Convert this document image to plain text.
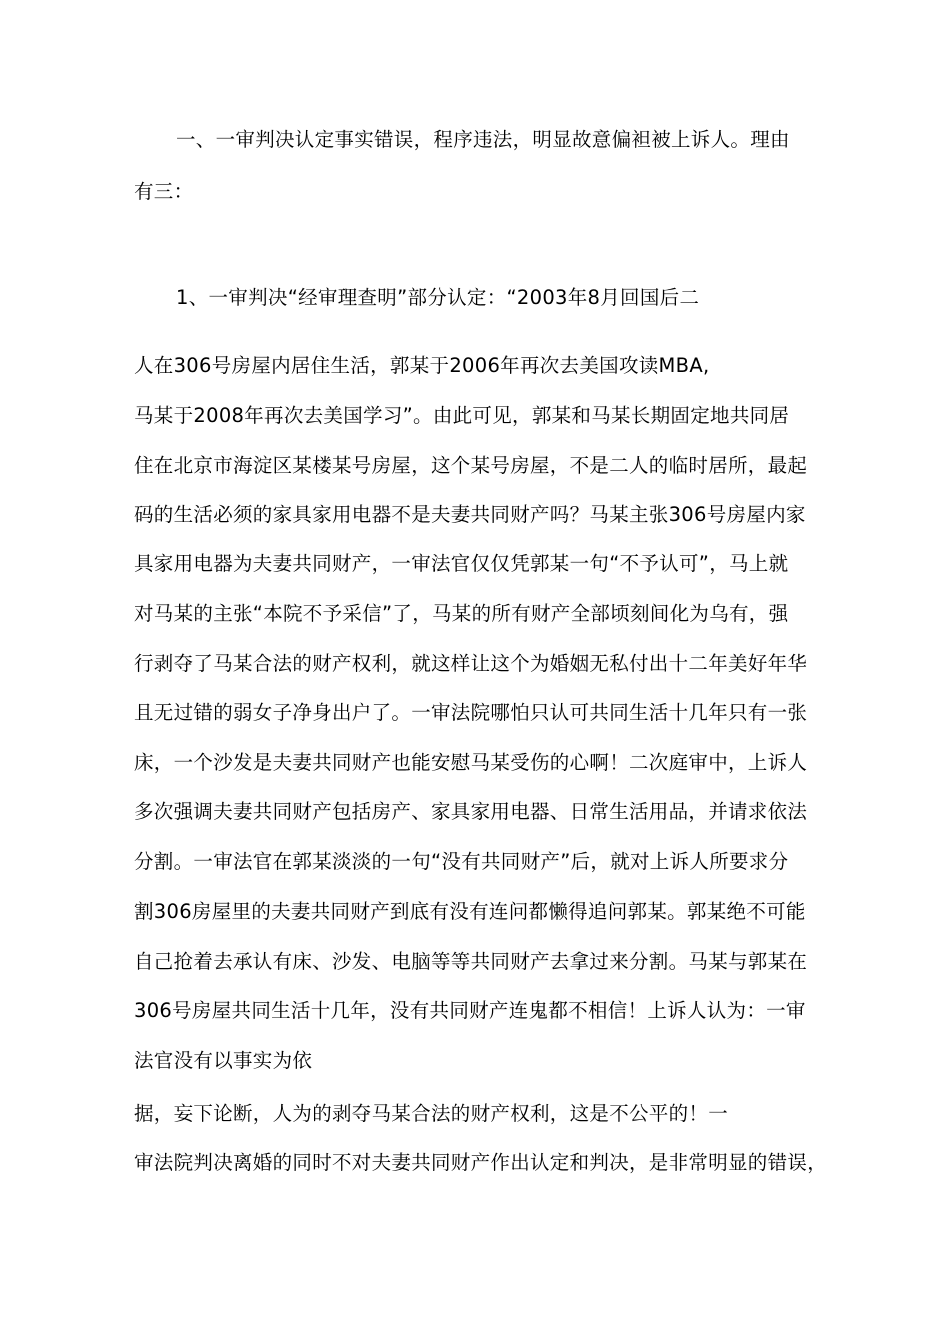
一、一审判决认定事实错误，程序违法，明显故意偏袒被上诉人。理由
有三：
1、一审判决“经审理查明”部分认定：“2003年8月回国后二
人在306号房屋内居住生活，郭某于2006年再次去美国攻读MBA,
马某于2008年再次去美国学习”。由此可见，郭某和马某长期固定地共同居
住在北京市海淀区某楼某号房屋，这个某号房屋，不是二人的临时居所，最起
码的生活必须的家具家用电器不是夫妻共同财产吗？马某主张306号房屋内家
具家用电器为夫妻共同财产，一审法官仅仅凭郭某一句“不予认可”，马上就
对马某的主张“本院不予采信”了，马某的所有财产全部顷刻间化为乌有，强
行剥夺了马某合法的财产权利，就这样让这个为婚姻无私付出十二年美好年华
且无过错的弱女子净身出户了。一审法院哪怕只认可共同生活十几年只有一张
床，一个沙发是夫妻共同财产也能安慰马某受伤的心啊！二次庭审中，上诉人
多次强调夫妻共同财产包括房产、家具家用电器、日常生活用品，并请求依法
分割。一审法官在郭某淡淡的一句“没有共同财产”后，就对上诉人所要求分
割306房屋里的夫妻共同财产到底有没有连问都懒得追问郭某。郭某绝不可能
自己抢着去承认有床、沙发、电脑等等共同财产去拿过来分割。马某与郭某在
306号房屋共同生活十几年，没有共同财产连鬼都不相信！上诉人认为：一审
法官没有以事实为依
据，妄下论断，人为的剥夺马某合法的财产权利，这是不公平的！一
审法院判决离婚的同时不对夫妻共同财产作出认定和判决，是非常明显的错误，
